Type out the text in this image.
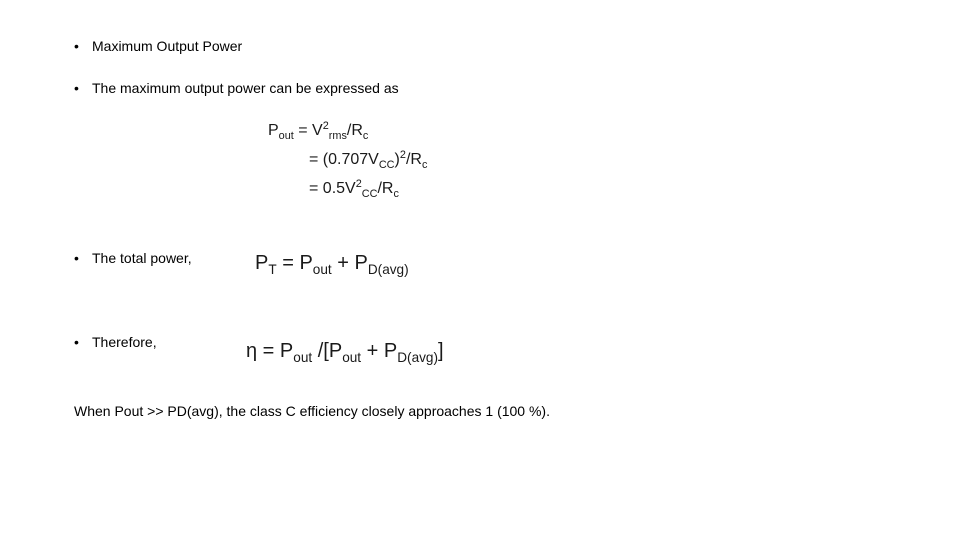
• Maximum Output Power
• The maximum output power can be expressed as
$P_{out} = V^2_{rms}/R_c$
= $(0.707V_{CC})^2/R_c$
= $0.5V^2_{CC}/R_c$
• The total power,	$P_T = P_{out} + P_{D(avg)}$
• Therefore,	$\eta = P_{out}$ $/[P_{out} + P_{D(avg)}]$
When Pout >> PD(avg), the class C efficiency closely approaches 1 (100 %).
